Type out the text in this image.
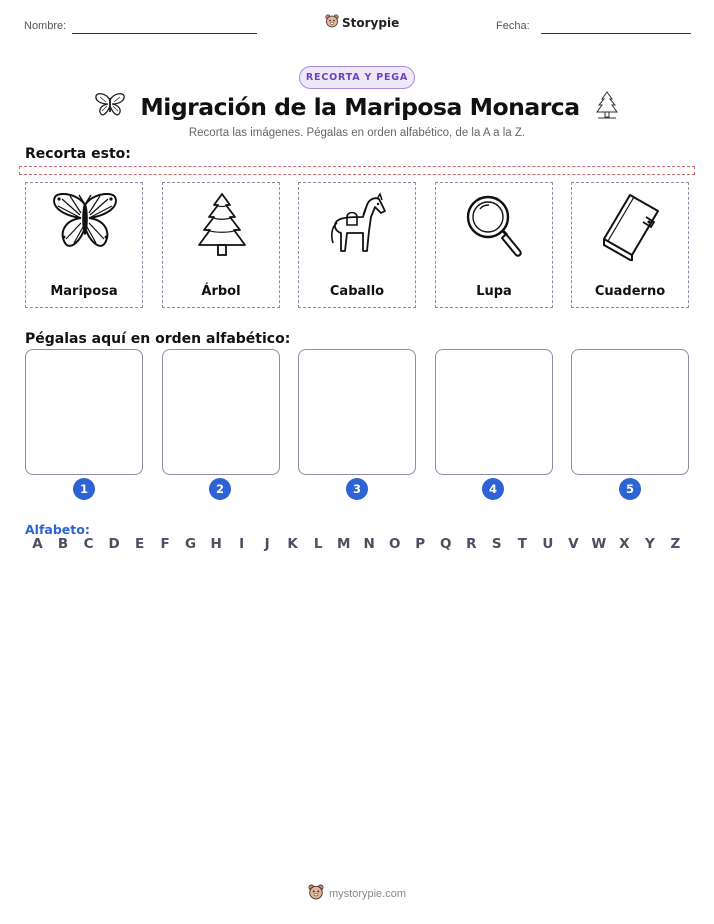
Nombre:	Storypie	Fecha:
RECORTA Y PEGA
Migración de la Mariposa Monarca
Recorta las imágenes. Pégalas en orden alfabético, de la A a la Z.
Recorta esto:
Mariposa	Árbol	Caballo	Lupa	Cuaderno
Pégalas aquí en orden alfabético:
1	2	3	4	5
Alfabeto:
A	B	C	D	E	F	G	H	I	J	K	L	M N	O	P	Q	R	S	T	U	V W X	Y	Z
mystorypie.com
